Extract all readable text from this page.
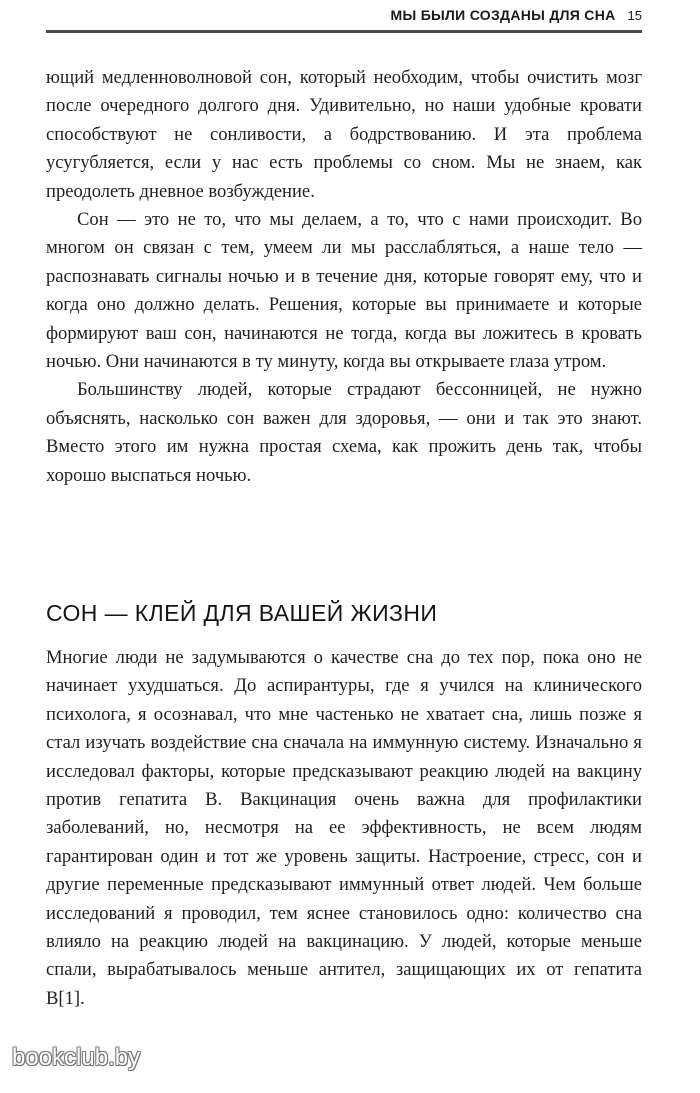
МЫ БЫЛИ СОЗДАНЫ ДЛЯ СНА 15

ющий медленноволновой сон, который необходим, чтобы очистить мозг после очередного долгого дня. Удивительно, но наши удобные кровати способствуют не сонливости, а бодрствованию. И эта проблема усугубляется, если у нас есть проблемы со сном. Мы не знаем, как преодолеть дневное возбуждение.

Сон — это не то, что мы делаем, а то, что с нами происходит. Во многом он связан с тем, умеем ли мы расслабляться, а наше тело — распознавать сигналы ночью и в течение дня, которые говорят ему, что и когда оно должно делать. Решения, которые вы принимаете и которые формируют ваш сон, начинаются не тогда, когда вы ложитесь в кровать ночью. Они начинаются в ту минуту, когда вы открываете глаза утром.

Большинству людей, которые страдают бессонницей, не нужно объяснять, насколько сон важен для здоровья, — они и так это знают. Вместо этого им нужна простая схема, как прожить день так, чтобы хорошо выспаться ночью.

СОН — КЛЕЙ ДЛЯ ВАШЕЙ ЖИЗНИ

Многие люди не задумываются о качестве сна до тех пор, пока оно не начинает ухудшаться. До аспирантуры, где я учился на клинического психолога, я осознавал, что мне частенько не хватает сна, лишь позже я стал изучать воздействие сна сначала на иммунную систему. Изначально я исследовал факторы, которые предсказывают реакцию людей на вакцину против гепатита B. Вакцинация очень важна для профилактики заболеваний, но, несмотря на ее эффективность, не всем людям гарантирован один и тот же уровень защиты. Настроение, стресс, сон и другие переменные предсказывают иммунный ответ людей. Чем больше исследований я проводил, тем яснее становилось одно: количество сна влияло на реакцию людей на вакцинацию. У людей, которые меньше спали, вырабатывалось меньше антител, защищающих их от гепатита B[1].

bookclub.by
